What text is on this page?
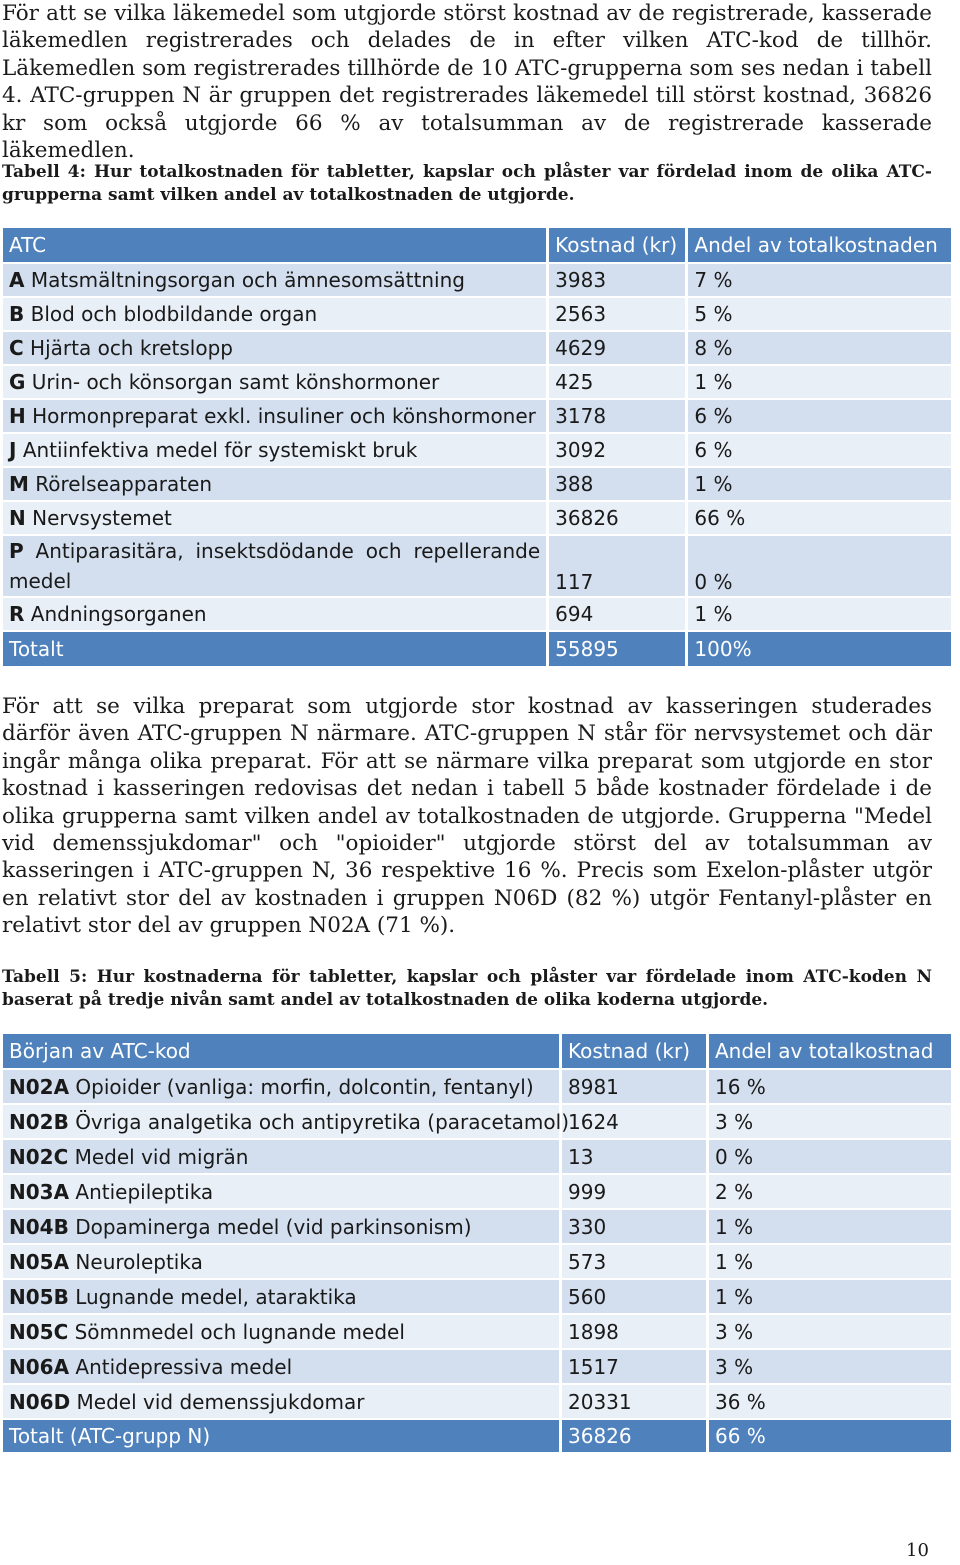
För att se vilka läkemedel som utgjorde störst kostnad av de registrerade, kasserade läkemedlen registrerades och delades de in efter vilken ATC-kod de tillhör. Läkemedlen som registrerades tillhörde de 10 ATC-grupperna som ses nedan i tabell 4. ATC-gruppen N är gruppen det registrerades läkemedel till störst kostnad, 36826 kr som också utgjorde 66 % av totalsumman av de registrerade kasserade läkemedlen.

Tabell 4: Hur totalkostnaden för tabletter, kapslar och plåster var fördelad inom de olika ATC-grupperna samt vilken andel av totalkostnaden de utgjorde.

ATC	Kostnad (kr)	Andel av totalkostnaden

A Matsmältningsorgan och ämnesomsättning	3983	7 %

B Blod och blodbildande organ	2563	5 %

C Hjärta och kretslopp	4629	8 %

G Urin- och könsorgan samt könshormoner	425	1 %

H Hormonpreparat exkl. insuliner och könshormoner	3178	6 %

J Antiinfektiva medel för systemiskt bruk	3092	6 %

M Rörelseapparaten	388	1 %

N Nervsystemet	36826	66 %

P Antiparasitära, insektsdödande och repellerande medel	117	0 %

R Andningsorganen	694	1 %

Totalt	55895	100%

För att se vilka preparat som utgjorde stor kostnad av kasseringen studerades därför även ATC-gruppen N närmare. ATC-gruppen N står för nervsystemet och där ingår många olika preparat. För att se närmare vilka preparat som utgjorde en stor kostnad i kasseringen redovisas det nedan i tabell 5 både kostnader fördelade i de olika grupperna samt vilken andel av totalkostnaden de utgjorde. Grupperna "Medel vid demenssjukdomar" och "opioider" utgjorde störst del av totalsumman av kasseringen i ATC-gruppen N, 36 respektive 16 %. Precis som Exelon-plåster utgör en relativt stor del av kostnaden i gruppen N06D (82 %) utgör Fentanyl-plåster en relativt stor del av gruppen N02A (71 %).

Tabell 5: Hur kostnaderna för tabletter, kapslar och plåster var fördelade inom ATC-koden N baserat på tredje nivån samt andel av totalkostnaden de olika koderna utgjorde.

Början av ATC-kod	Kostnad (kr)	Andel av totalkostnad

N02A Opioider (vanliga: morfin, dolcontin, fentanyl)	8981	16 %

N02B Övriga analgetika och antipyretika (paracetamol)	1624	3 %

N02C Medel vid migrän	13	0 %

N03A Antiepileptika	999	2 %

N04B Dopaminerga medel (vid parkinsonism)	330	1 %

N05A Neuroleptika	573	1 %

N05B Lugnande medel, ataraktika	560	1 %

N05C Sömnmedel och lugnande medel	1898	3 %

N06A Antidepressiva medel	1517	3 %

N06D Medel vid demenssjukdomar	20331	36 %

Totalt (ATC-grupp N)	36826	66 %
10
